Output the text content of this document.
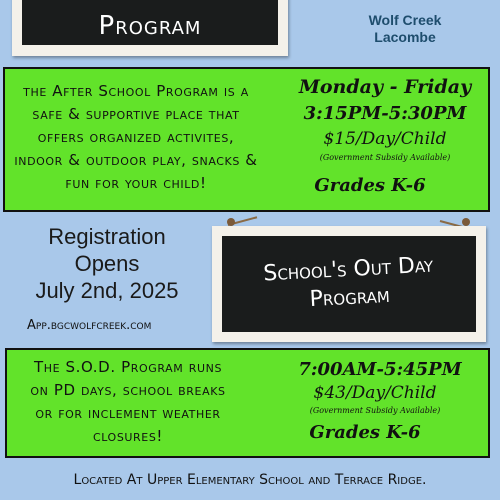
Program	Wolf Creek
Lacombe
the After School Program is a safe & supportive place that offers organized activites, indoor & outdoor play, snacks & fun for your child!
Monday - Friday
3:15PM-5:30PM
$15/Day/Child
(Government Subsidy Available)
Grades K-6
Registration
Opens
July 2nd, 2025
App.bgcwolfcreek.com
School's Out Day Program
The S.O.D. Program runs on PD days, school breaks or for inclement weather closures!
7:00AM-5:45PM
$43/Day/Child
(Government Subsidy Available)
Grades K-6
Located At Upper Elementary School and Terrace Ridge.
